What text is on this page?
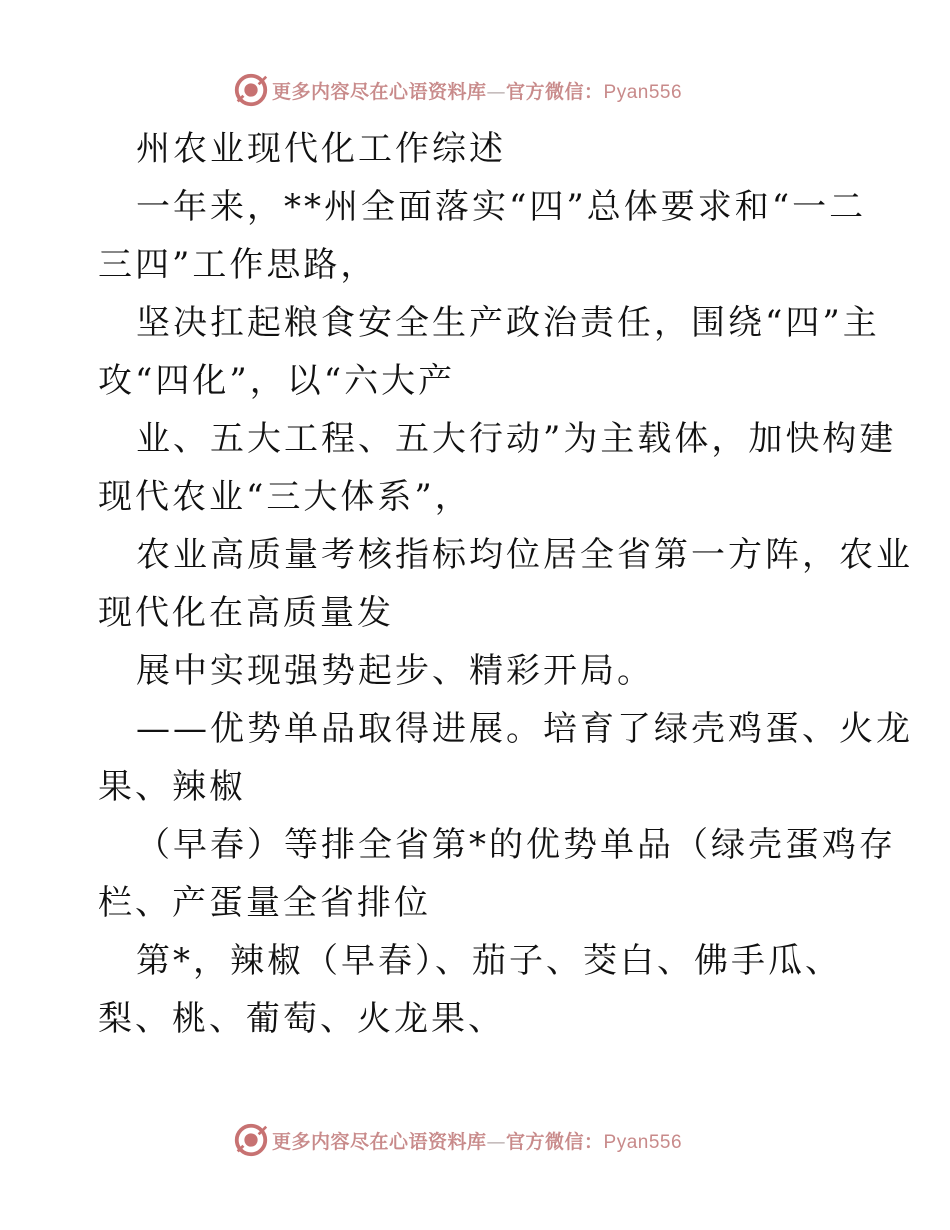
更多内容尽在心语资料库—官方微信：Pyan556
州农业现代化工作综述
一年来，**州全面落实“四”总体要求和“一二
三四”工作思路，
坚决扛起粮食安全生产政治责任，围绕“四”主
攻“四化”，以“六大产
业、五大工程、五大行动”为主载体，加快构建
现代农业“三大体系”，
农业高质量考核指标均位居全省第一方阵，农业
现代化在高质量发
展中实现强势起步、精彩开局。
——优势单品取得进展。培育了绿壳鸡蛋、火龙
果、辣椒
（早春）等排全省第*的优势单品（绿壳蛋鸡存
栏、产蛋量全省排位
第*，辣椒（早春）、茄子、茭白、佛手瓜、
梨、桃、葡萄、火龙果、
更多内容尽在心语资料库—官方微信：Pyan556
